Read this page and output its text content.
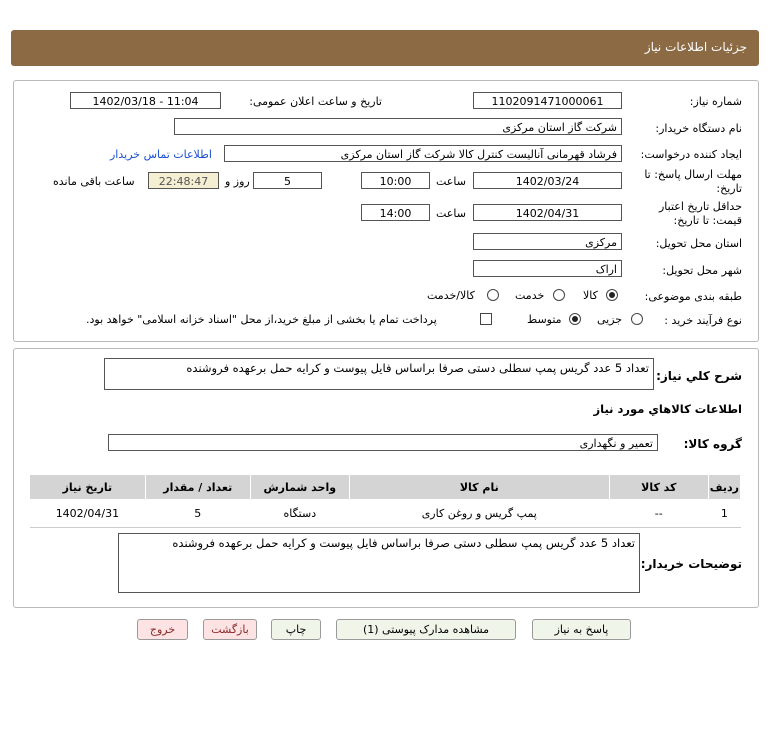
جزئیات اطلاعات نیاز
شماره نیاز:
1102091471000061
تاریخ و ساعت اعلان عمومی:
1402/03/18 - 11:04
نام دستگاه خریدار:
شرکت گاز استان مرکزی
ایجاد کننده درخواست:
فرشاد قهرمانی آنالیست کنترل کالا شرکت گاز استان مرکزی
اطلاعات تماس خریدار
مهلت ارسال پاسخ: تا
تاریخ:
1402/03/24
ساعت
10:00
5
روز و
22:48:47
ساعت باقی مانده
حداقل تاریخ اعتبار
قیمت: تا تاریخ:
1402/04/31
ساعت
14:00
استان محل تحویل:
مرکزی
شهر محل تحویل:
اراک
طبقه بندی موضوعی:
کالا
خدمت
کالا/خدمت
نوع فرآیند خرید :
جزیی
متوسط
پرداخت تمام یا بخشی از مبلغ خرید،از محل "اسناد خزانه اسلامی" خواهد بود.
شرح کلي نياز:
تعداد 5 عدد گریس پمپ سطلی دستی صرفا براساس فایل پیوست و کرایه حمل برعهده فروشنده
اطلاعات کالاهاي مورد نياز
گروه کالا:
تعمیر و نگهداری
ردیف	کد کالا	نام کالا	واحد شمارش	تعداد / مقدار	تاریخ نیاز
1	--	پمپ گریس و روغن کاری	دستگاه	5	1402/04/31
توضیحات خریدار:
تعداد 5 عدد گریس پمپ سطلی دستی صرفا براساس فایل پیوست و کرایه حمل برعهده فروشنده
پاسخ به نیاز
مشاهده مدارک پیوستی (1)
چاپ
بازگشت
خروج
